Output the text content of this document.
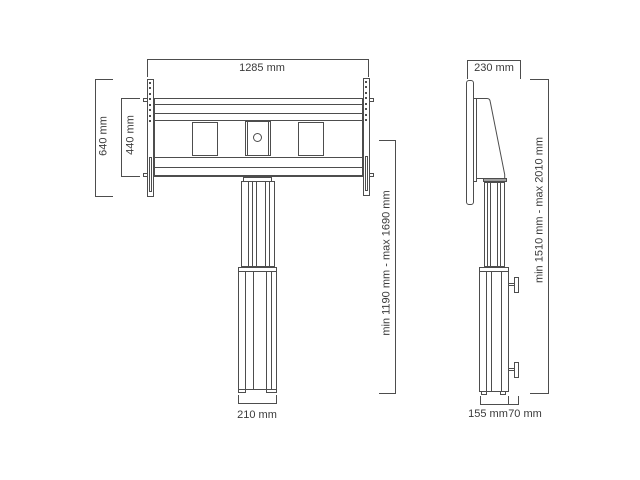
1285 mm
640 mm 440 mm
210 mm
min 1190 mm - max 1690 mm
230 mm
155 mm 70 mm
min 1510 mm - max 2010 mm
